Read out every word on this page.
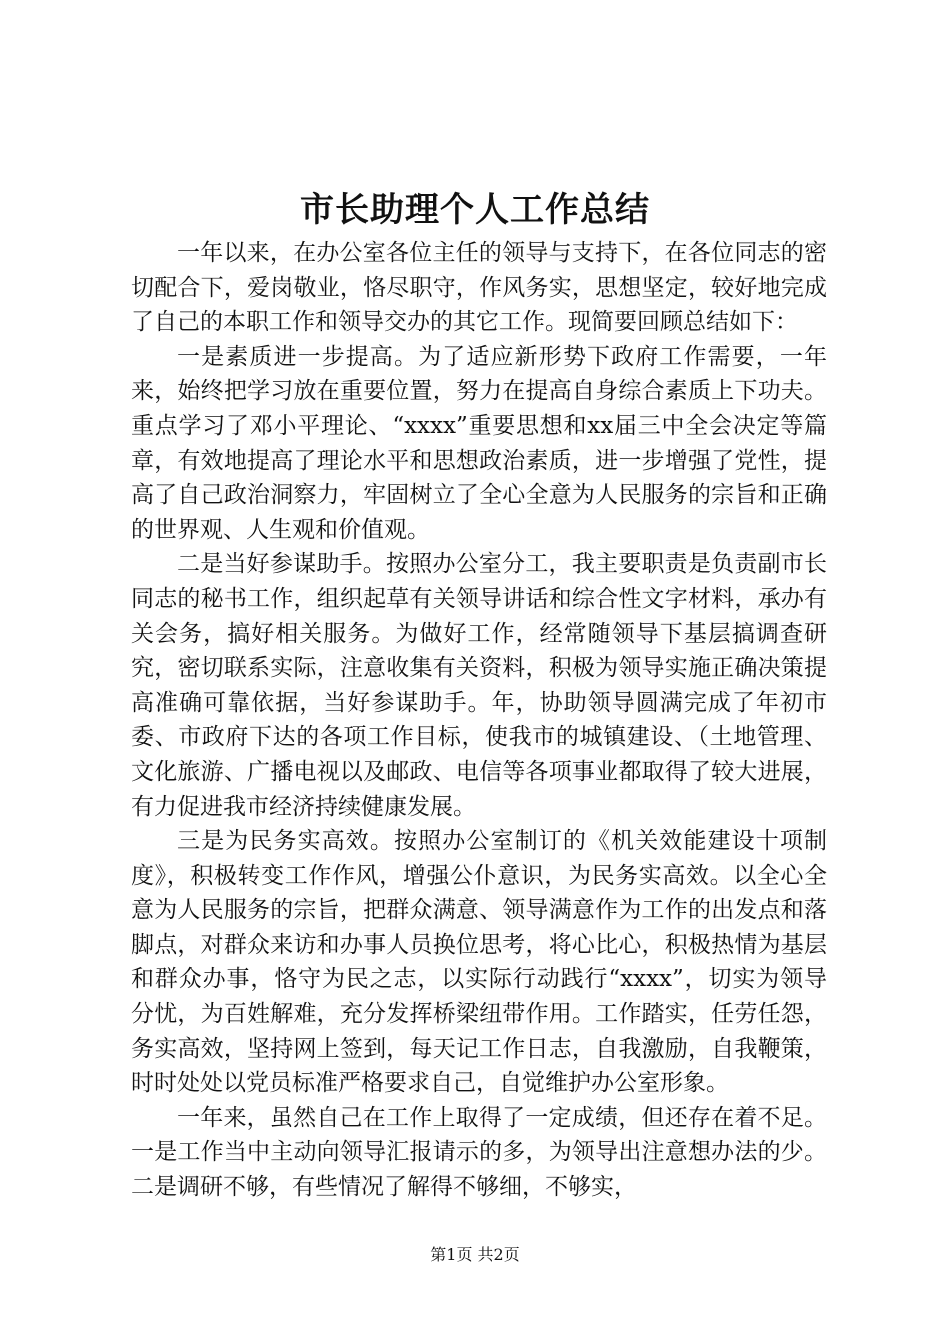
市长助理个人工作总结

一年以来，在办公室各位主任的领导与支持下，在各位同志的密切配合下，爱岗敬业，恪尽职守，作风务实，思想坚定，较好地完成了自己的本职工作和领导交办的其它工作。现简要回顾总结如下：

一是素质进一步提高。为了适应新形势下政府工作需要，一年来，始终把学习放在重要位置，努力在提高自身综合素质上下功夫。重点学习了邓小平理论、“xxxx”重要思想和xx届三中全会决定等篇章，有效地提高了理论水平和思想政治素质，进一步增强了党性，提高了自己政治洞察力，牢固树立了全心全意为人民服务的宗旨和正确的世界观、人生观和价值观。

二是当好参谋助手。按照办公室分工，我主要职责是负责副市长同志的秘书工作，组织起草有关领导讲话和综合性文字材料，承办有关会务，搞好相关服务。为做好工作，经常随领导下基层搞调查研究，密切联系实际，注意收集有关资料，积极为领导实施正确决策提高准确可靠依据，当好参谋助手。年，协助领导圆满完成了年初市委、市政府下达的各项工作目标，使我市的城镇建设、（土地管理、文化旅游、广播电视以及邮政、电信等各项事业都取得了较大进展，有力促进我市经济持续健康发展。

三是为民务实高效。按照办公室制订的《机关效能建设十项制度》，积极转变工作作风，增强公仆意识，为民务实高效。以全心全意为人民服务的宗旨，把群众满意、领导满意作为工作的出发点和落脚点，对群众来访和办事人员换位思考，将心比心，积极热情为基层和群众办事，恪守为民之志，以实际行动践行“xxxx”，切实为领导分忧，为百姓解难，充分发挥桥梁纽带作用。工作踏实，任劳任怨，务实高效，坚持网上签到，每天记工作日志，自我激励，自我鞭策，时时处处以党员标准严格要求自己，自觉维护办公室形象。

一年来，虽然自己在工作上取得了一定成绩，但还存在着不足。一是工作当中主动向领导汇报请示的多，为领导出注意想办法的少。二是调研不够，有些情况了解得不够细，不够实，

第1页 共2页
